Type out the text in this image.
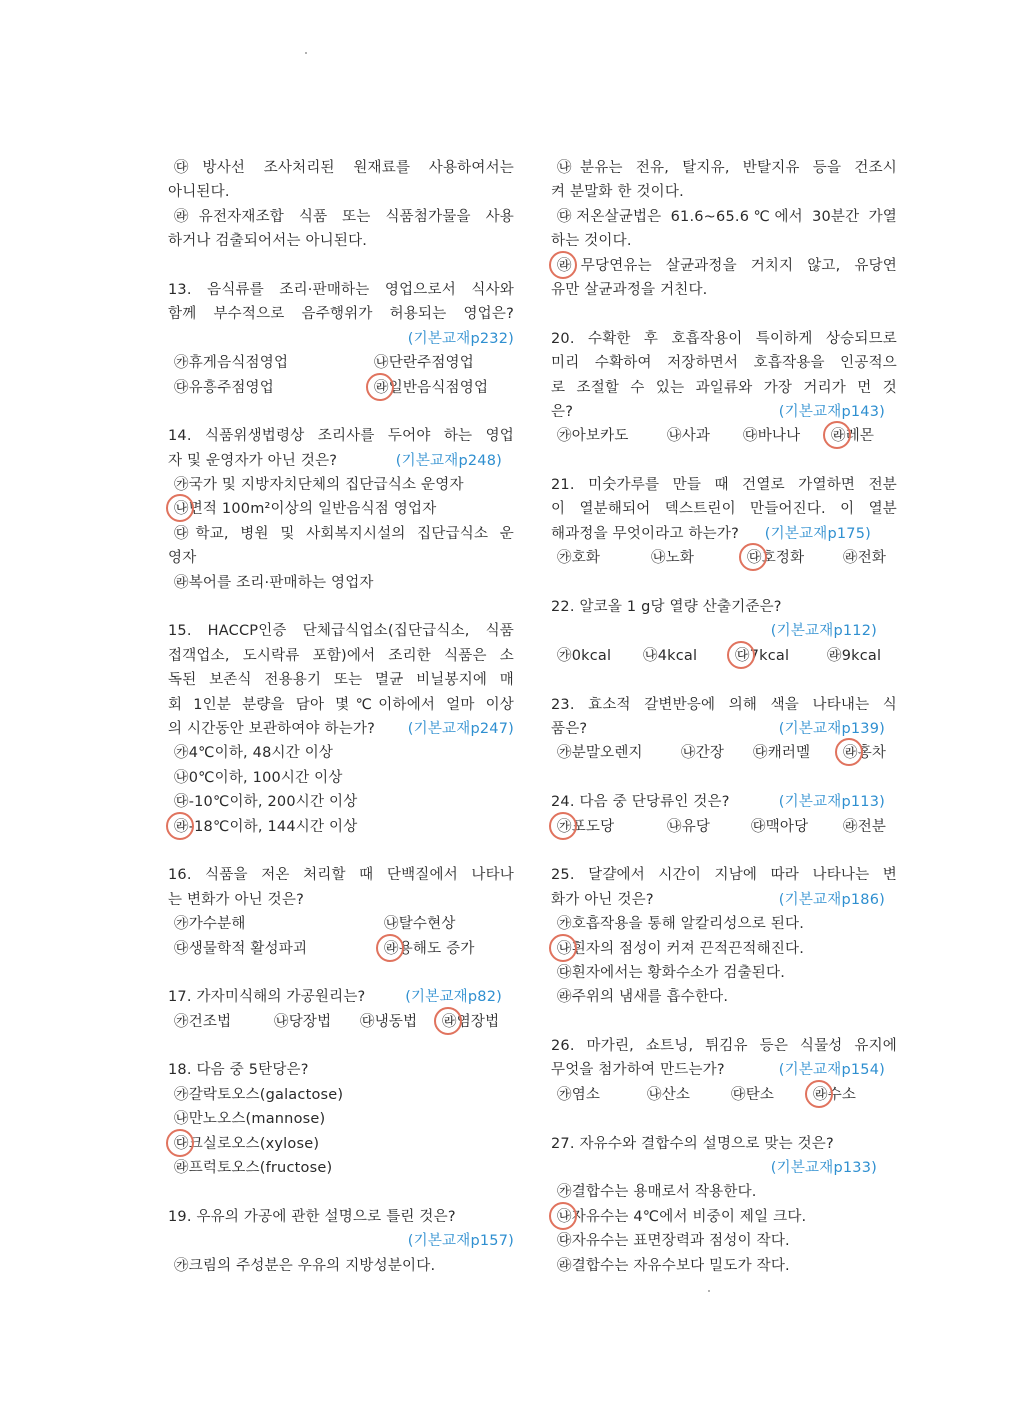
㉰방사선 조사처리된 원재료를 사용하여서는
아니된다.
㉱유전자재조합 식품 또는 식품첨가물을 사용
하거나 검출되어서는 아니된다.
13. 음식류를 조리·판매하는 영업으로서 식사와
함께 부수적으로 음주행위가 허용되는 영업은?
(기본교재p232)
㉮휴게음식점영업	㉯단란주점영업
㉰유흥주점영업	㉱일반음식점영업
14. 식품위생법령상 조리사를 두어야 하는 영업
자 및 운영자가 아닌 것은?	(기본교재p248)
㉮국가 및 지방자치단체의 집단급식소 운영자
㉯면적 100m²이상의 일반음식점 영업자
㉰학교, 병원 및 사회복지시설의 집단급식소 운
영자
㉱복어를 조리·판매하는 영업자
15. HACCP인증 단체급식업소(집단급식소, 식품
접객업소, 도시락류 포함)에서 조리한 식품은 소
독된 보존식 전용용기 또는 멸균 비닐봉지에 매
회 1인분 분량을 담아 몇℃이하에서 얼마 이상
의 시간동안 보관하여야 하는가? (기본교재p247)
㉮4℃이하, 48시간 이상
㉯0℃이하, 100시간 이상
㉰-10℃이하, 200시간 이상
㉱-18℃이하, 144시간 이상
16. 식품을 저온 처리할 때 단백질에서 나타나
는 변화가 아닌 것은?
㉮가수분해	㉯탈수현상
㉰생물학적 활성파괴	㉱용해도 증가
17. 가자미식해의 가공원리는?	(기본교재p82)
㉮건조법	㉯당장법 ㉰냉동법 ㉱염장법
18. 다음 중 5탄당은?
㉮갈락토오스(galactose)
㉯만노오스(mannose)
㉰크실로오스(xylose)
㉱프럭토오스(fructose)
19. 우유의 가공에 관한 설명으로 틀린 것은?
(기본교재p157)
㉮크림의 주성분은 우유의 지방성분이다.
㉯분유는 전유, 탈지유, 반탈지유 등을 건조시
켜 분말화 한 것이다.
㉰저온살균법은 61.6~65.6℃에서 30분간 가열
하는 것이다.
㉱무당연유는 살균과정을 거치지 않고, 유당연
유만 살균과정을 거친다.
20. 수확한 후 호흡작용이 특이하게 상승되므로
미리 수확하여 저장하면서 호흡작용을 인공적으
로 조절할 수 있는 과일류와 가장 거리가 먼 것
은?	(기본교재p143)
㉮아보카도	㉯사과 ㉰바나나 ㉱레몬
21. 미숫가루를 만들 때 건열로 가열하면 전분
이 열분해되어 덱스트린이 만들어진다. 이 열분
해과정을 무엇이라고 하는가? (기본교재p175)
㉮호화	㉯노화	㉰호정화	㉱전화
22. 알코올 1 g당 열량 산출기준은?
(기본교재p112)
㉮0kcal ㉯4kcal	㉰7kcal	㉱9kcal
23. 효소적 갈변반응에 의해 색을 나타내는 식
품은?	(기본교재p139)
㉮분말오렌지	㉯간장 ㉰캐러멜 ㉱홍차
24. 다음 중 단당류인 것은?	(기본교재p113)
㉮포도당	㉯유당	㉰맥아당 ㉱전분
25. 달걀에서 시간이 지남에 따라 나타나는 변
화가 아닌 것은?	(기본교재p186)
㉮호흡작용을 통해 알칼리성으로 된다.
㉯흰자의 점성이 커져 끈적끈적해진다.
㉰흰자에서는 황화수소가 검출된다.
㉱주위의 냄새를 흡수한다.
26. 마가린, 쇼트닝, 튀김유 등은 식물성 유지에
무엇을 첨가하여 만드는가?	(기본교재p154)
㉮염소	㉯산소	㉰탄소	㉱수소
27. 자유수와 결합수의 설명으로 맞는 것은?
(기본교재p133)
㉮결합수는 용매로서 작용한다.
㉯자유수는 4℃에서 비중이 제일 크다.
㉰자유수는 표면장력과 점성이 작다.
㉱결합수는 자유수보다 밀도가 작다.
